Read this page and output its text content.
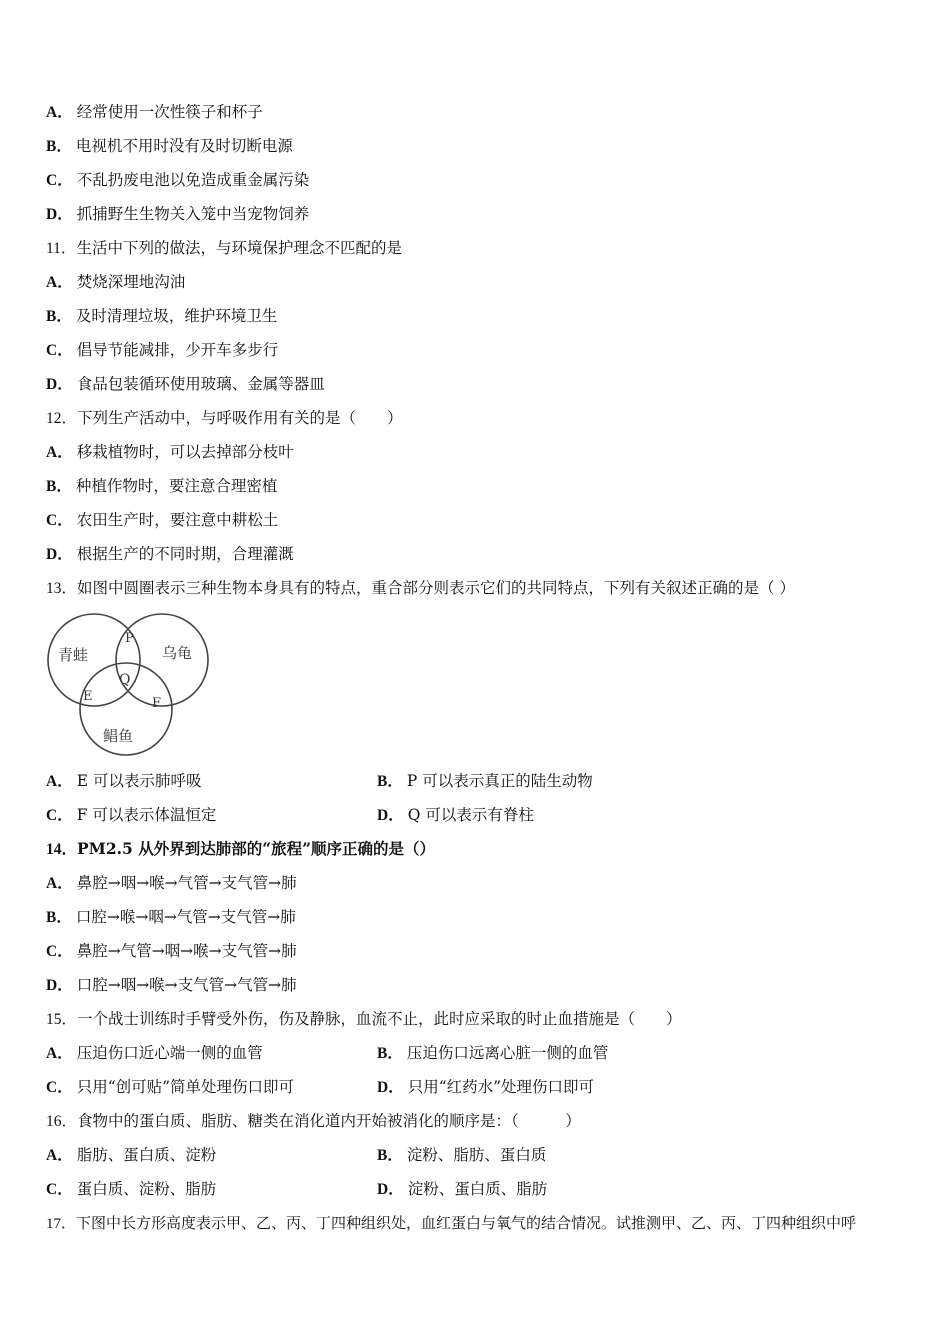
A． 经常使用一次性筷子和杯子
B． 电视机不用时没有及时切断电源
C． 不乱扔废电池以免造成重金属污染
D． 抓捕野生生物关入笼中当宠物饲养
11．生活中下列的做法，与环境保护理念不匹配的是
A． 焚烧深埋地沟油
B． 及时清理垃圾，维护环境卫生
C． 倡导节能减排，少开车多步行
D． 食品包装循环使用玻璃、金属等器皿
12．下列生产活动中，与呼吸作用有关的是（　　）
A． 移栽植物时，可以去掉部分枝叶
B． 种植作物时，要注意合理密植
C． 农田生产时，要注意中耕松土
D． 根据生产的不同时期，合理灌溉
13．如图中圆圈表示三种生物本身具有的特点，重合部分则表示它们的共同特点，下列有关叙述正确的是（ ）
青蛙	乌龟
鲳鱼
P
Q
E	F
A． E 可以表示肺呼吸	B． P 可以表示真正的陆生动物
C． F 可以表示体温恒定	D． Q 可以表示有脊柱
14．PM2.5 从外界到达肺部的“旅程”顺序正确的是（）
A． 鼻腔→咽→喉→气管→支气管→肺
B． 口腔→喉→咽→气管→支气管→肺
C． 鼻腔→气管→咽→喉→支气管→肺
D． 口腔→咽→喉→支气管→气管→肺
15．一个战士训练时手臂受外伤，伤及静脉，血流不止，此时应采取的时止血措施是（　　）
A． 压迫伤口近心端一侧的血管	B． 压迫伤口远离心脏一侧的血管
C． 只用“创可贴”简单处理伤口即可	D． 只用“红药水”处理伤口即可
16．食物中的蛋白质、脂肪、糖类在消化道内开始被消化的顺序是：（　　　）
A． 脂肪、蛋白质、淀粉	B． 淀粉、脂肪、蛋白质
C． 蛋白质、淀粉、脂肪	D． 淀粉、蛋白质、脂肪
17．下图中长方形高度表示甲、乙、丙、丁四种组织处，血红蛋白与氧气的结合情况。试推测甲、乙、丙、丁四种组织中呼
